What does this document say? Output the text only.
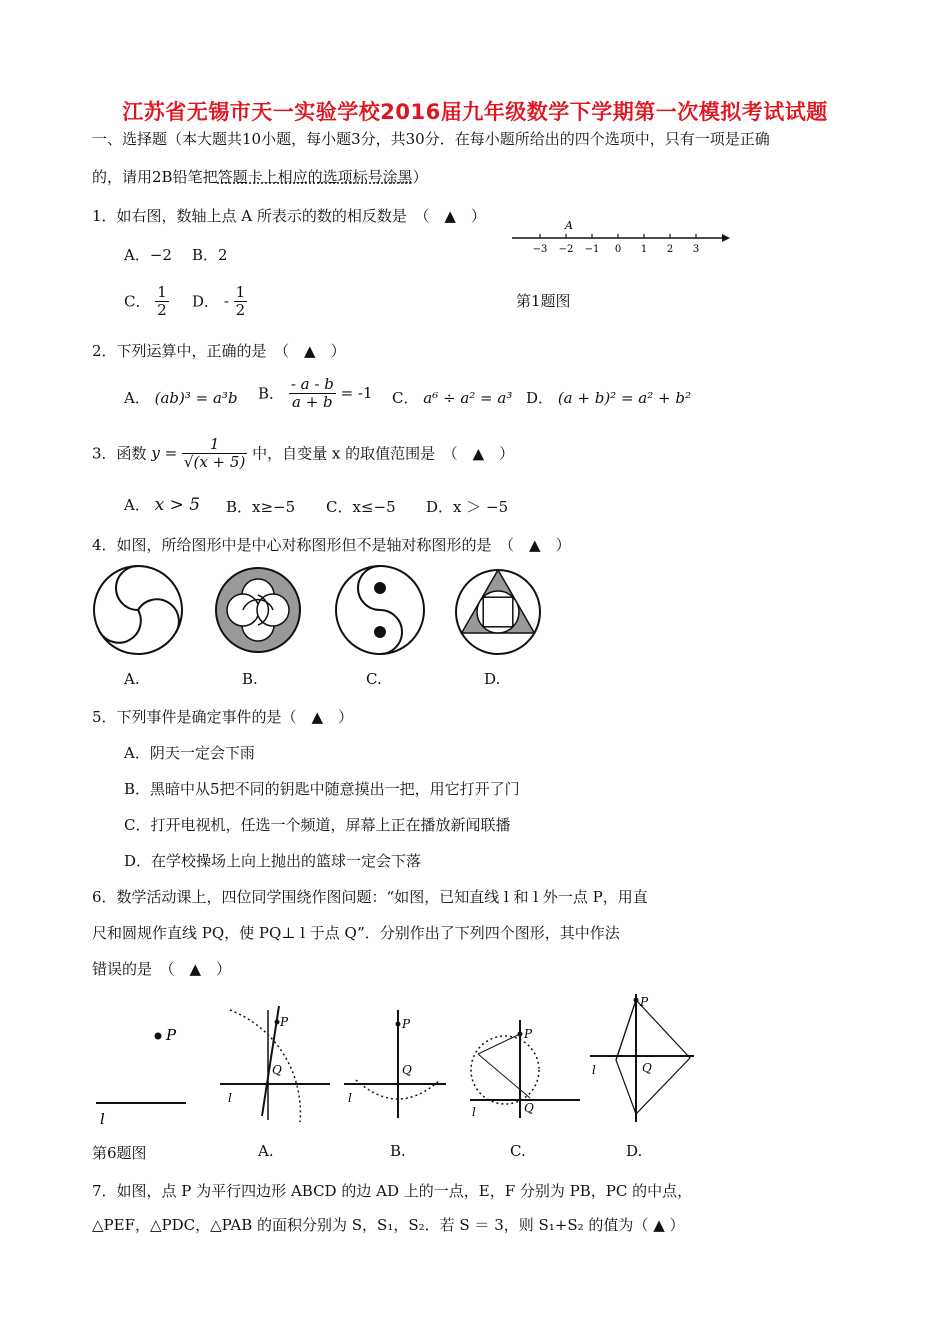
江苏省无锡市天一实验学校2016届九年级数学下学期第一次模拟考试试题
一、选择题（本大题共10小题，每小题3分，共30分．在每小题所给出的四个选项中，只有一项是正确
的，请用2B铅笔把答题卡上相应的选项标号涂黑）
1．如右图，数轴上点 A 所表示的数的相反数是　（　▲　）
A．−2 B．2
C． $\frac{1}{2}$ D． - $\frac{1}{2}$
−3 −2 −1 0 1 2 3
A
第1题图
2．下列运算中，正确的是　（　▲　）
A． (ab)³ = a³b B． $\frac{- a - b}{a + b} = -1$ C． a⁶ ÷ a² = a³ D． (a + b)² = a² + b²
3．函数 $y = \frac{1}{√(x + 5)}$ 中，自变量 x 的取值范围是　（　▲　）
A． x > 5 B．x≥−5 C．x≤−5 D．x ＞ −5
4．如图，所给图形中是中心对称图形但不是轴对称图形的是　（　▲　）
A.	B.	C.	D.
5．下列事件是确定事件的是（　▲　）
A．阴天一定会下雨
B．黑暗中从5把不同的钥匙中随意摸出一把，用它打开了门
C．打开电视机，任选一个频道，屏幕上正在播放新闻联播
D．在学校操场上向上抛出的篮球一定会下落
6．数学活动课上，四位同学围绕作图问题：“如图，已知直线 l 和 l 外一点 P，用直
尺和圆规作直线 PQ，使 PQ⊥ l 于点 Q”．分别作出了下列四个图形，其中作法
错误的是　（　▲　）
P
l
P
Q
l
P
Q
l
P
Q
l
P
Q
l
第6题图	A.	B.	C.	D.
7．如图，点 P 为平行四边形 ABCD 的边 AD 上的一点，E，F 分别为 PB，PC 的中点，
△PEF，△PDC，△PAB 的面积分别为 S，S₁，S₂．若 S ＝ 3，则 S₁+S₂ 的值为（ ▲ ）
